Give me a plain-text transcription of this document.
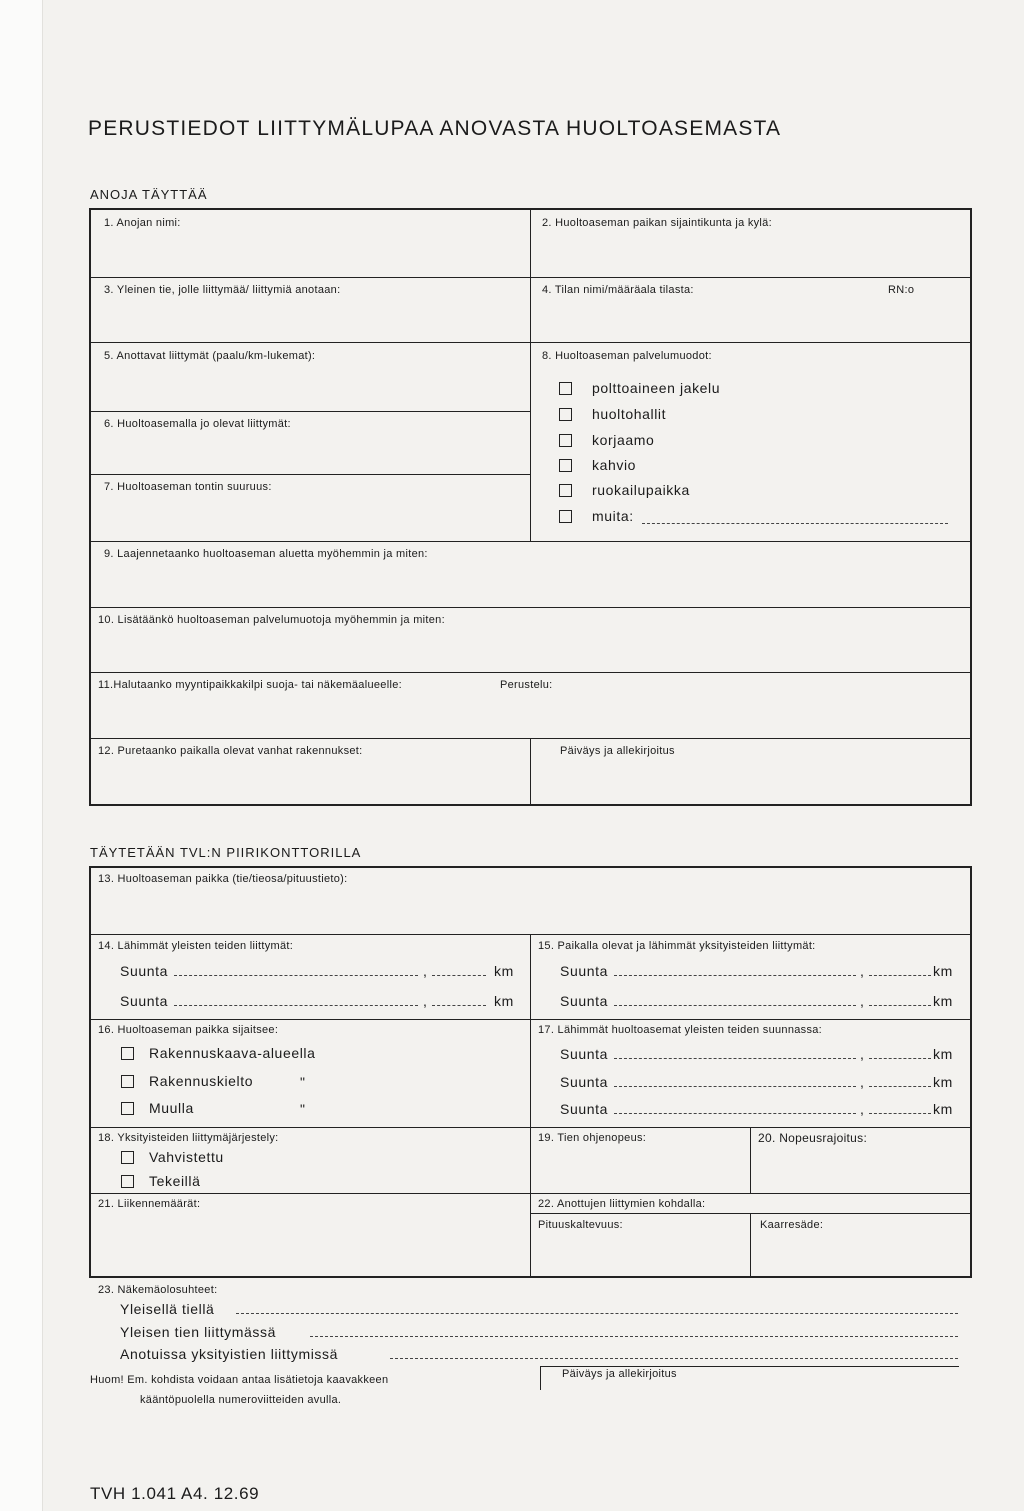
PERUSTIEDOT LIITTYMÄLUPAA ANOVASTA HUOLTOASEMASTA
ANOJA TÄYTTÄÄ
1. Anojan nimi:	2. Huoltoaseman paikan sijaintikunta ja kylä:
3. Yleinen tie, jolle liittymää/ liittymiä anotaan:	4. Tilan nimi/määräala tilasta:	RN:o
5. Anottavat liittymät (paalu/km-lukemat):	8. Huoltoaseman palvelumuodot:
6. Huoltoasemalla jo olevat liittymät:
7. Huoltoaseman tontin suuruus:
polttoaineen jakelu
huoltohallit
korjaamo
kahvio
ruokailupaikka
muita:
9. Laajennetaanko huoltoaseman aluetta myöhemmin ja miten:
10. Lisätäänkö huoltoaseman palvelumuotoja myöhemmin ja miten:
11.Halutaanko myyntipaikkakilpi suoja- tai näkemäalueelle:	Perustelu:
12. Puretaanko paikalla olevat vanhat rakennukset:	Päiväys ja allekirjoitus
TÄYTETÄÄN TVL:N PIIRIKONTTORILLA
13. Huoltoaseman paikka (tie/tieosa/pituustieto):
14. Lähimmät yleisten teiden liittymät:
Suunta	,	km
Suunta	,	km
15. Paikalla olevat ja lähimmät yksityisteiden liittymät:
Suunta	,	km
Suunta	,	km
16. Huoltoaseman paikka sijaitsee:
Rakennuskaava-alueella
Rakennuskielto	"
Muulla	"
17. Lähimmät huoltoasemat yleisten teiden suunnassa:
Suunta	,	km
Suunta	,	km
Suunta	,	km
18. Yksityisteiden liittymäjärjestely:
Vahvistettu
Tekeillä
19. Tien ohjenopeus:	20. Nopeusrajoitus:
21. Liikennemäärät:	22. Anottujen liittymien kohdalla:
Pituuskaltevuus:	Kaarresäde:
23. Näkemäolosuhteet:
Yleisellä tiellä
Yleisen tien liittymässä
Anotuissa yksityistien liittymissä
Huom! Em. kohdista voidaan antaa lisätietoja kaavakkeen
kääntöpuolella numeroviitteiden avulla.
Päiväys ja allekirjoitus
TVH 1.041 A4. 12.69
